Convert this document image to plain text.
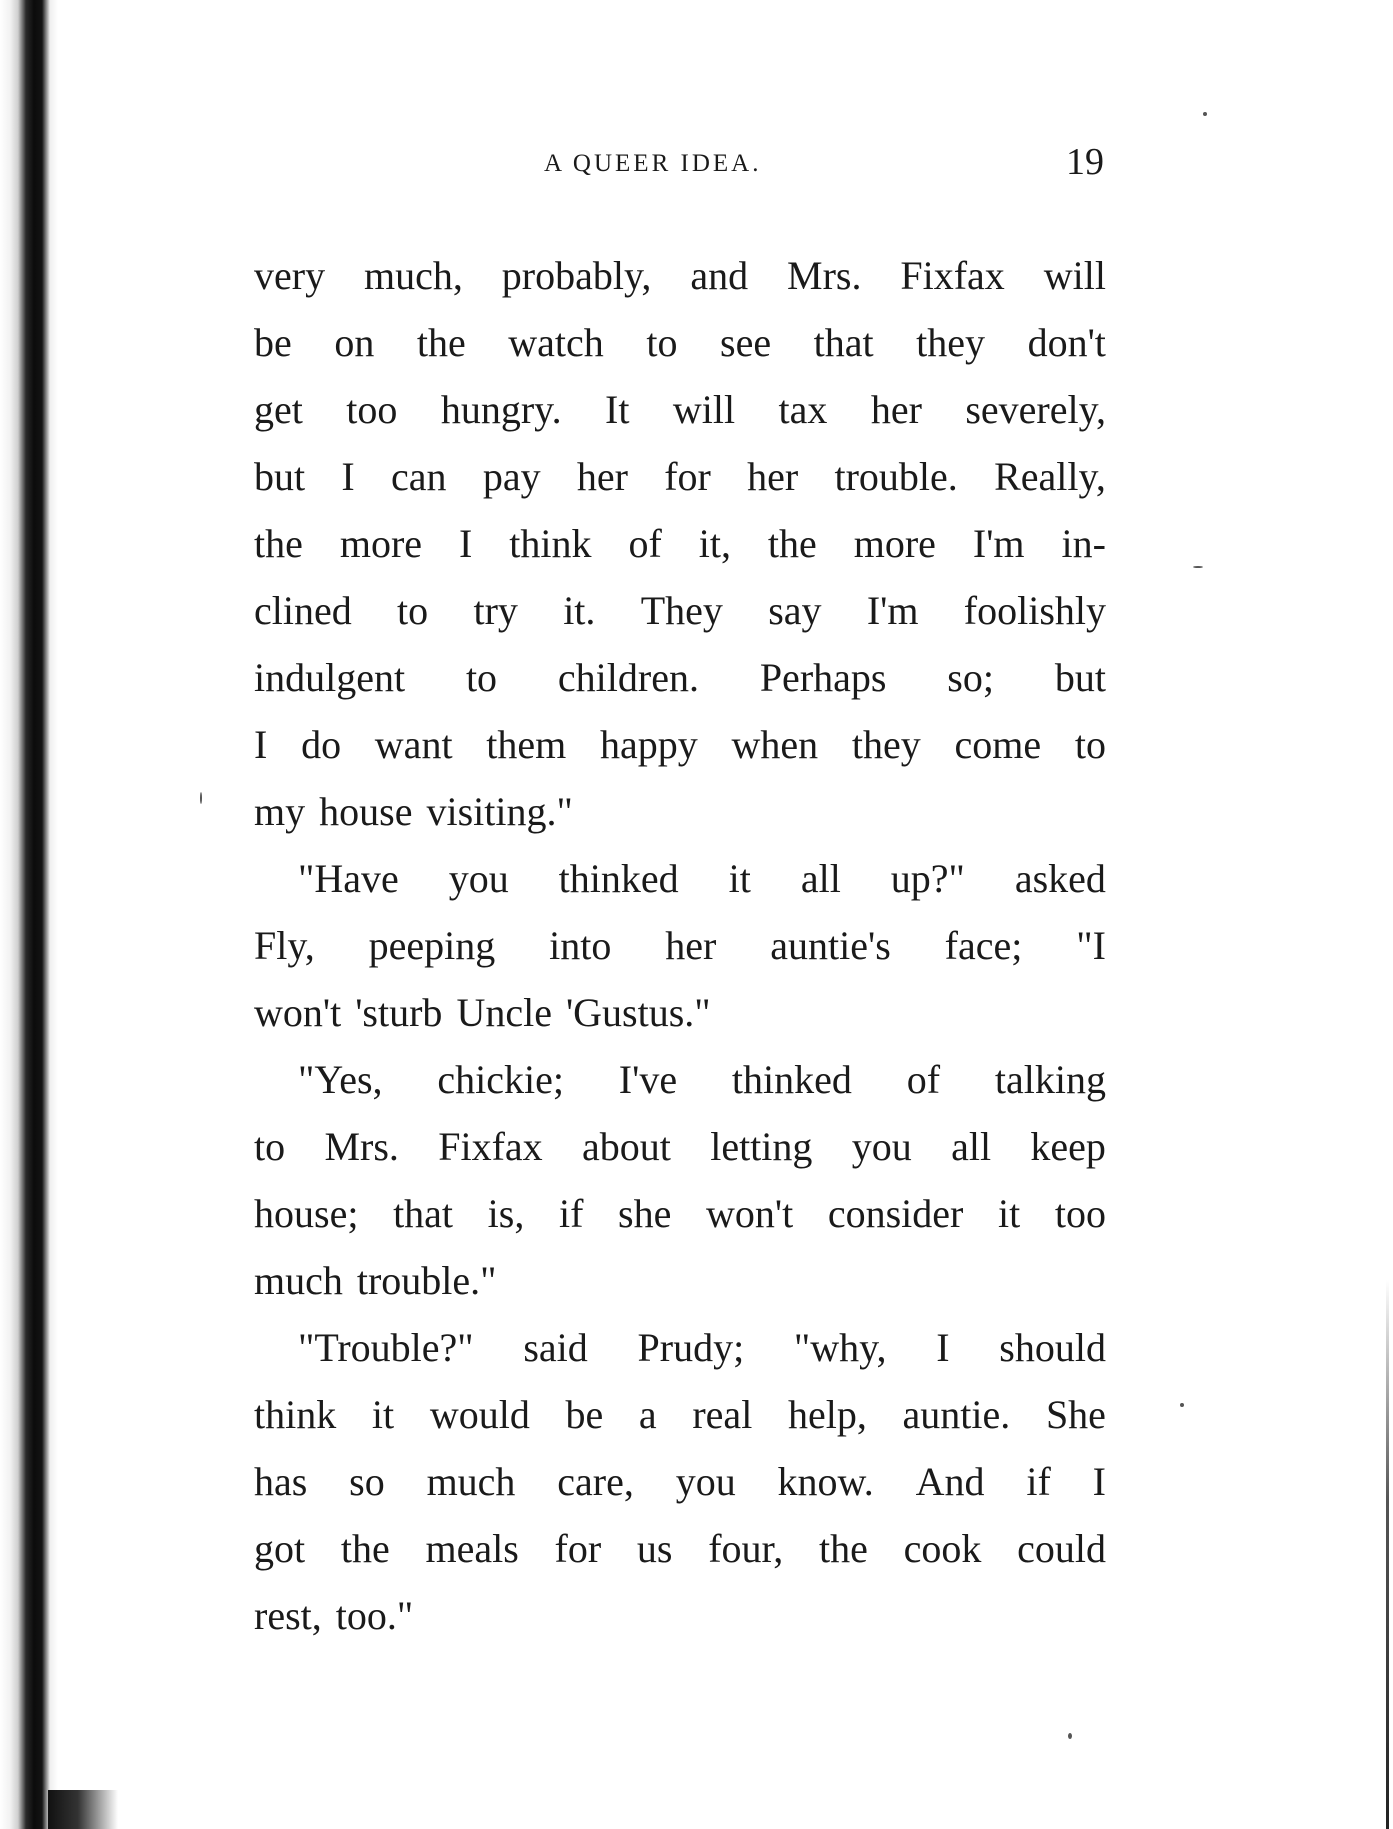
A QUEER IDEA.	19
very much, probably, and Mrs. Fixfax will
be on the watch to see that they don't
get too hungry. It will tax her severely,
but I can pay her for her trouble. Really,
the more I think of it, the more I'm in-
clined to try it. They say I'm foolishly
indulgent to children. Perhaps so; but
I do want them happy when they come to
my house visiting."
"Have you thinked it all up?" asked
Fly, peeping into her auntie's face; "I
won't 'sturb Uncle 'Gustus."
"Yes, chickie; I've thinked of talking
to Mrs. Fixfax about letting you all keep
house; that is, if she won't consider it too
much trouble."
"Trouble?" said Prudy; "why, I should
think it would be a real help, auntie. She
has so much care, you know. And if I
got the meals for us four, the cook could
rest, too."
